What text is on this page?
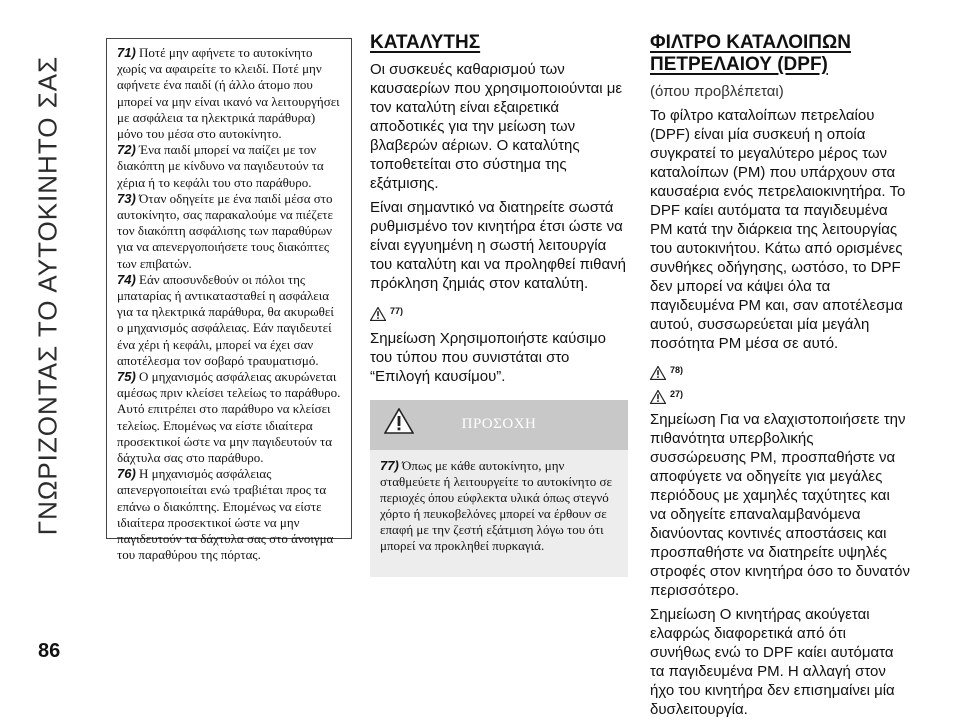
ΓΝΩΡΙΖΟΝΤΑΣ ΤΟ ΑΥΤΟΚΙΝΗΤΟ ΣΑΣ
86

71) Ποτέ μην αφήνετε το αυτοκίνητο χωρίς να αφαιρείτε το κλειδί. Ποτέ μην αφήνετε ένα παιδί (ή άλλο άτομο που μπορεί να μην είναι ικανό να λειτουργήσει με ασφάλεια τα ηλεκτρικά παράθυρα) μόνο του μέσα στο αυτοκίνητο.

72) Ένα παιδί μπορεί να παίζει με τον διακόπτη με κίνδυνο να παγιδευτούν τα χέρια ή το κεφάλι του στο παράθυρο.

73) Όταν οδηγείτε με ένα παιδί μέσα στο αυτοκίνητο, σας παρακαλούμε να πιέζετε τον διακόπτη ασφάλισης των παραθύρων για να απενεργοποιήσετε τους διακόπτες των επιβατών.

74) Εάν αποσυνδεθούν οι πόλοι της μπαταρίας ή αντικατασταθεί η ασφάλεια για τα ηλεκτρικά παράθυρα, θα ακυρωθεί ο μηχανισμός ασφάλειας. Εάν παγιδευτεί ένα χέρι ή κεφάλι, μπορεί να έχει σαν αποτέλεσμα τον σοβαρό τραυματισμό.

75) Ο μηχανισμός ασφάλειας ακυρώνεται αμέσως πριν κλείσει τελείως το παράθυρο. Αυτό επιτρέπει στο παράθυρο να κλείσει τελείως. Επομένως να είστε ιδιαίτερα προσεκτικοί ώστε να μην παγιδευτούν τα δάχτυλα σας στο παράθυρο.

76) Η μηχανισμός ασφάλειας απενεργοποιείται ενώ τραβιέται προς τα επάνω ο διακόπτης. Επομένως να είστε ιδιαίτερα προσεκτικοί ώστε να μην παγιδευτούν τα δάχτυλα σας στο άνοιγμα του παραθύρου της πόρτας.

ΚΑΤΑΛΥΤΗΣ

Οι συσκευές καθαρισμού των καυσαερίων που χρησιμοποιούνται με τον καταλύτη είναι εξαιρετικά αποδοτικές για την μείωση των βλαβερών αέριων. Ο καταλύτης τοποθετείται στο σύστημα της εξάτμισης.

Είναι σημαντικό να διατηρείτε σωστά ρυθμισμένο τον κινητήρα έτσι ώστε να είναι εγγυημένη η σωστή λειτουργία του καταλύτη και να προληφθεί πιθανή πρόκληση ζημιάς στον καταλύτη.

77)

Σημείωση Χρησιμοποιήστε καύσιμο του τύπου που συνιστάται στο “Επιλογή καυσίμου”.

ΠΡΟΣΟΧΗ

77) Όπως με κάθε αυτοκίνητο, μην σταθμεύετε ή λειτουργείτε το αυτοκίνητο σε περιοχές όπου εύφλεκτα υλικά όπως στεγνό χόρτο ή πευκοβελόνες μπορεί να έρθουν σε επαφή με την ζεστή εξάτμιση λόγω του ότι μπορεί να προκληθεί πυρκαγιά.

ΦΙΛΤΡΟ ΚΑΤΑΛΟΙΠΩΝ
ΠΕΤΡΕΛΑΙΟΥ (DPF)

(όπου προβλέπεται)

Το φίλτρο καταλοίπων πετρελαίου (DPF) είναι μία συσκευή η οποία συγκρατεί το μεγαλύτερο μέρος των καταλοίπων (PM) που υπάρχουν στα καυσαέρια ενός πετρελαιοκινητήρα. Το DPF καίει αυτόματα τα παγιδευμένα PM κατά την διάρκεια της λειτουργίας του αυτοκινήτου. Κάτω από ορισμένες συνθήκες οδήγησης, ωστόσο, το DPF δεν μπορεί να κάψει όλα τα παγιδευμένα PM και, σαν αποτέλεσμα αυτού, συσσωρεύεται μία μεγάλη ποσότητα PM μέσα σε αυτό.

78)
27)

Σημείωση Για να ελαχιστοποιήσετε την πιθανότητα υπερβολικής συσσώρευσης PM, προσπαθήστε να αποφύγετε να οδηγείτε για μεγάλες περιόδους με χαμηλές ταχύτητες και να οδηγείτε επαναλαμβανόμενα διανύοντας κοντινές αποστάσεις και προσπαθήστε να διατηρείτε υψηλές στροφές στον κινητήρα όσο το δυνατόν περισσότερο.

Σημείωση Ο κινητήρας ακούγεται ελαφρώς διαφορετικά από ότι συνήθως ενώ το DPF καίει αυτόματα τα παγιδευμένα PM. Η αλλαγή στον ήχο του κινητήρα δεν επισημαίνει μία δυσλειτουργία.
